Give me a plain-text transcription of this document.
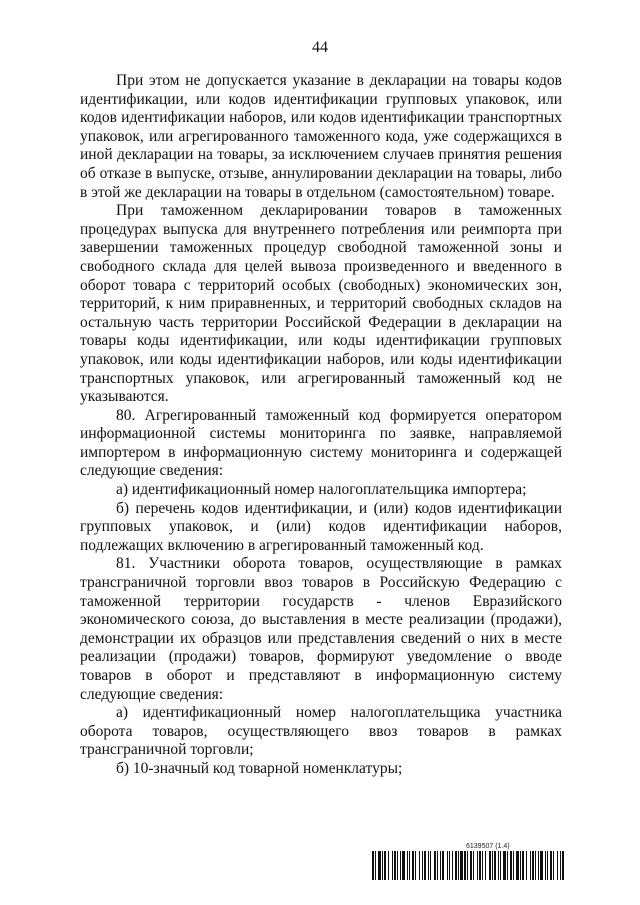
44

При этом не допускается указание в декларации на товары кодов идентификации, или кодов идентификации групповых упаковок, или кодов идентификации наборов, или кодов идентификации транспортных упаковок, или агрегированного таможенного кода, уже содержащихся в иной декларации на товары, за исключением случаев принятия решения об отказе в выпуске, отзыве, аннулировании декларации на товары, либо в этой же декларации на товары в отдельном (самостоятельном) товаре.

При таможенном декларировании товаров в таможенных процедурах выпуска для внутреннего потребления или реимпорта при завершении таможенных процедур свободной таможенной зоны и свободного склада для целей вывоза произведенного и введенного в оборот товара с территорий особых (свободных) экономических зон, территорий, к ним приравненных, и территорий свободных складов на остальную часть территории Российской Федерации в декларации на товары коды идентификации, или коды идентификации групповых упаковок, или коды идентификации наборов, или коды идентификации транспортных упаковок, или агрегированный таможенный код не указываются.

80. Агрегированный таможенный код формируется оператором информационной системы мониторинга по заявке, направляемой импортером в информационную систему мониторинга и содержащей следующие сведения:

а) идентификационный номер налогоплательщика импортера;

б) перечень кодов идентификации, и (или) кодов идентификации групповых упаковок, и (или) кодов идентификации наборов, подлежащих включению в агрегированный таможенный код.

81. Участники оборота товаров, осуществляющие в рамках трансграничной торговли ввоз товаров в Российскую Федерацию с таможенной территории государств - членов Евразийского экономического союза, до выставления в месте реализации (продажи), демонстрации их образцов или представления сведений о них в месте реализации (продажи) товаров, формируют уведомление о вводе товаров в оборот и представляют в информационную систему следующие сведения:

а) идентификационный номер налогоплательщика участника оборота товаров, осуществляющего ввоз товаров в рамках трансграничной торговли;

б) 10-значный код товарной номенклатуры;

6139507 (1.4)
